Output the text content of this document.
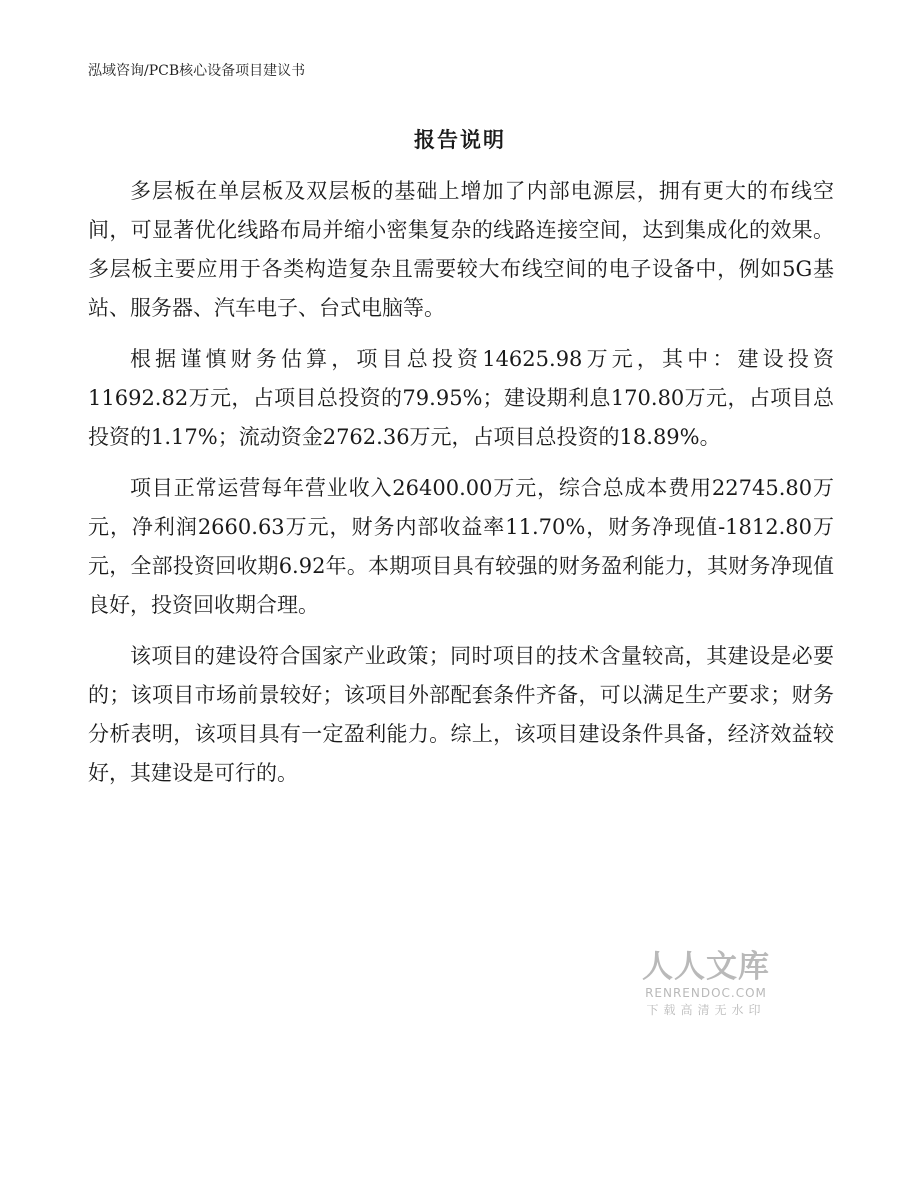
泓域咨询/PCB核心设备项目建议书
报告说明

多层板在单层板及双层板的基础上增加了内部电源层，拥有更大的布线空间，可显著优化线路布局并缩小密集复杂的线路连接空间，达到集成化的效果。多层板主要应用于各类构造复杂且需要较大布线空间的电子设备中，例如5G基站、服务器、汽车电子、台式电脑等。

根据谨慎财务估算，项目总投资14625.98万元，其中：建设投资11692.82万元，占项目总投资的79.95%；建设期利息170.80万元，占项目总投资的1.17%；流动资金2762.36万元，占项目总投资的18.89%。

项目正常运营每年营业收入26400.00万元，综合总成本费用22745.80万元，净利润2660.63万元，财务内部收益率11.70%，财务净现值-1812.80万元，全部投资回收期6.92年。本期项目具有较强的财务盈利能力，其财务净现值良好，投资回收期合理。

该项目的建设符合国家产业政策；同时项目的技术含量较高，其建设是必要的；该项目市场前景较好；该项目外部配套条件齐备，可以满足生产要求；财务分析表明，该项目具有一定盈利能力。综上，该项目建设条件具备，经济效益较好，其建设是可行的。

人人文库
RENRENDOC.COM
下载高清无水印
